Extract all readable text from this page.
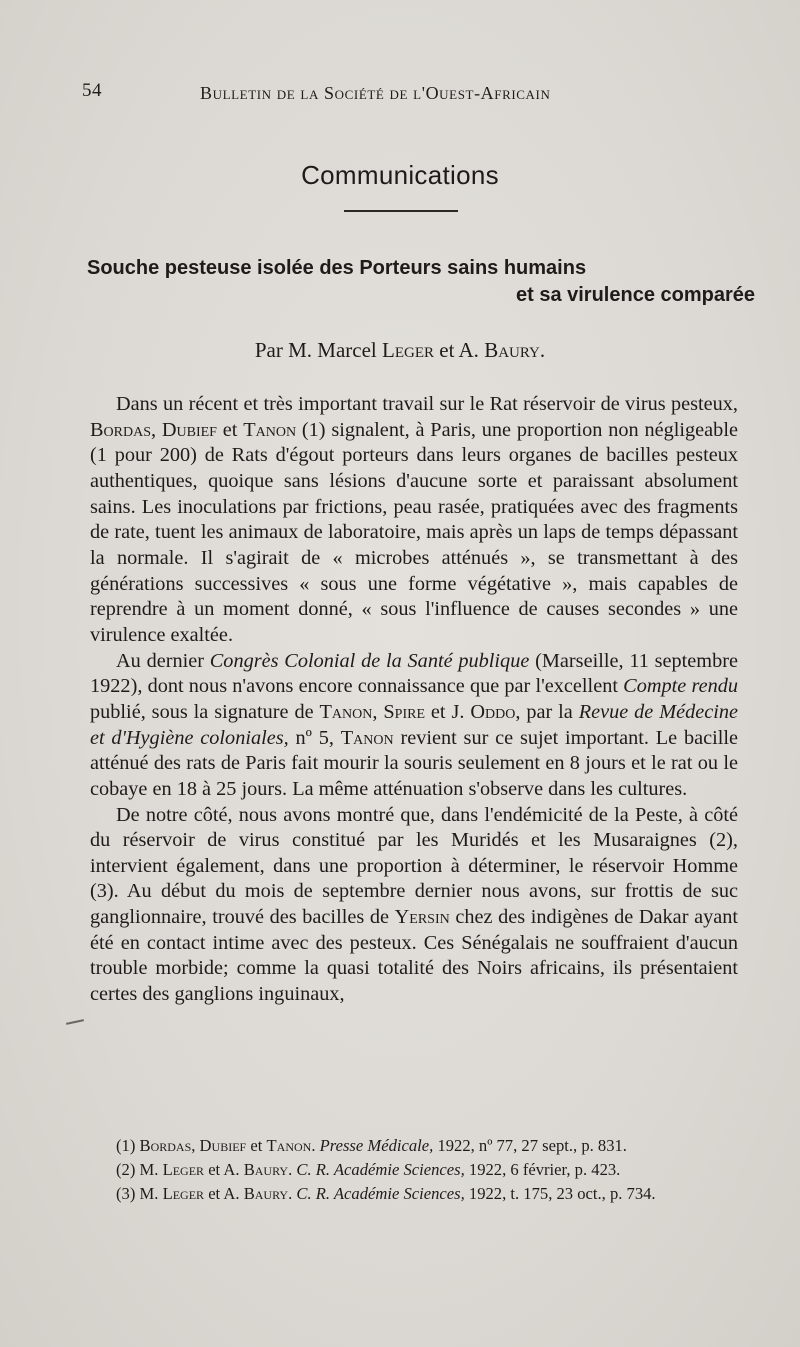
54	Bulletin de la Société de l'Ouest-Africain
Communications
Souche pesteuse isolée des Porteurs sains humains
et sa virulence comparée
Par M. Marcel Leger et A. Baury.

Dans un récent et très important travail sur le Rat réservoir de virus pesteux, Bordas, Dubief et Tanon (1) signalent, à Paris, une proportion non négligeable (1 pour 200) de Rats d'égout porteurs dans leurs organes de bacilles pesteux authentiques, quoique sans lésions d'aucune sorte et paraissant absolument sains. Les inoculations par frictions, peau rasée, pratiquées avec des fragments de rate, tuent les animaux de laboratoire, mais après un laps de temps dépassant la normale. Il s'agirait de « microbes atténués », se transmettant à des générations successives « sous une forme végétative », mais capables de reprendre à un moment donné, « sous l'influence de causes secondes » une virulence exaltée.

Au dernier Congrès Colonial de la Santé publique (Marseille, 11 septembre 1922), dont nous n'avons encore connaissance que par l'excellent Compte rendu publié, sous la signature de Tanon, Spire et J. Oddo, par la Revue de Médecine et d'Hygiène coloniales, nº 5, Tanon revient sur ce sujet important. Le bacille atténué des rats de Paris fait mourir la souris seulement en 8 jours et le rat ou le cobaye en 18 à 25 jours. La même atténuation s'observe dans les cultures.

De notre côté, nous avons montré que, dans l'endémicité de la Peste, à côté du réservoir de virus constitué par les Muridés et les Musaraignes (2), intervient également, dans une proportion à déterminer, le réservoir Homme (3). Au début du mois de septembre dernier nous avons, sur frottis de suc ganglionnaire, trouvé des bacilles de Yersin chez des indigènes de Dakar ayant été en contact intime avec des pesteux. Ces Sénégalais ne souffraient d'aucun trouble morbide; comme la quasi totalité des Noirs africains, ils présentaient certes des ganglions inguinaux,

(1) Bordas, Dubief et Tanon. Presse Médicale, 1922, nº 77, 27 sept., p. 831.

(2) M. Leger et A. Baury. C. R. Académie Sciences, 1922, 6 février, p. 423.

(3) M. Leger et A. Baury. C. R. Académie Sciences, 1922, t. 175, 23 oct., p. 734.
